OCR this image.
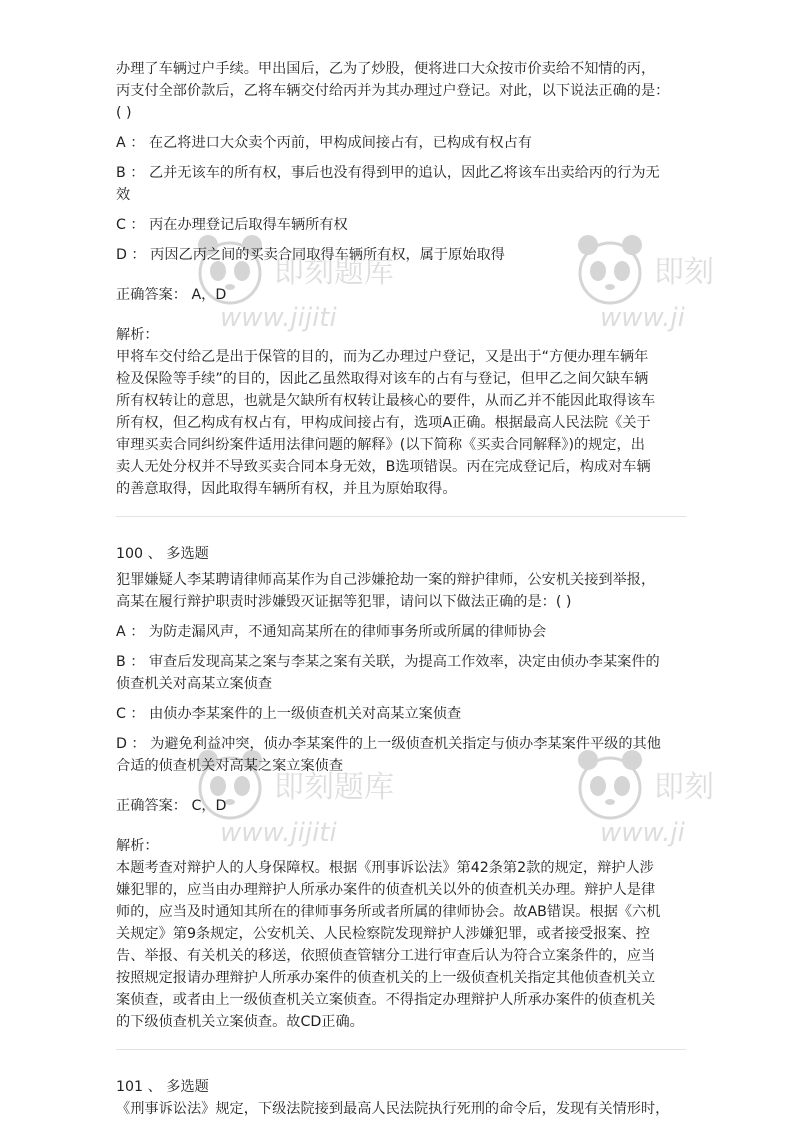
办理了车辆过户手续。甲出国后，乙为了炒股，便将进口大众按市价卖给不知情的丙，
丙支付全部价款后，乙将车辆交付给丙并为其办理过户登记。对此，以下说法正确的是：
( )
A ： 在乙将进口大众卖个丙前，甲构成间接占有，已构成有权占有
B ： 乙并无该车的所有权，事后也没有得到甲的追认，因此乙将该车出卖给丙的行为无
效
C ： 丙在办理登记后取得车辆所有权
D ： 丙因乙丙之间的买卖合同取得车辆所有权，属于原始取得
正确答案： A，D
解析：
甲将车交付给乙是出于保管的目的，而为乙办理过户登记，又是出于“方便办理车辆年
检及保险等手续”的目的，因此乙虽然取得对该车的占有与登记，但甲乙之间欠缺车辆
所有权转让的意思，也就是欠缺所有权转让最核心的要件，从而乙并不能因此取得该车
所有权，但乙构成有权占有，甲构成间接占有，选项A正确。根据最高人民法院《关于
审理买卖合同纠纷案件适用法律问题的解释》(以下简称《买卖合同解释》)的规定，出
卖人无处分权并不导致买卖合同本身无效，B选项错误。丙在完成登记后，构成对车辆
的善意取得，因此取得车辆所有权，并且为原始取得。
100 、 多选题
犯罪嫌疑人李某聘请律师高某作为自己涉嫌抢劫一案的辩护律师，公安机关接到举报，
高某在履行辩护职责时涉嫌毁灭证据等犯罪，请问以下做法正确的是：( )
A ： 为防走漏风声，不通知高某所在的律师事务所或所属的律师协会
B ： 审查后发现高某之案与李某之案有关联，为提高工作效率，决定由侦办李某案件的
侦查机关对高某立案侦查
C ： 由侦办李某案件的上一级侦查机关对高某立案侦查
D ： 为避免利益冲突，侦办李某案件的上一级侦查机关指定与侦办李某案件平级的其他
合适的侦查机关对高某之案立案侦查
正确答案： C，D
解析：
本题考查对辩护人的人身保障权。根据《刑事诉讼法》第42条第2款的规定，辩护人涉
嫌犯罪的，应当由办理辩护人所承办案件的侦查机关以外的侦查机关办理。辩护人是律
师的，应当及时通知其所在的律师事务所或者所属的律师协会。故AB错误。根据《六机
关规定》第9条规定，公安机关、人民检察院发现辩护人涉嫌犯罪，或者接受报案、控
告、举报、有关机关的移送，依照侦查管辖分工进行审查后认为符合立案条件的，应当
按照规定报请办理辩护人所承办案件的侦查机关的上一级侦查机关指定其他侦查机关立
案侦查，或者由上一级侦查机关立案侦查。不得指定办理辩护人所承办案件的侦查机关
的下级侦查机关立案侦查。故CD正确。
101 、 多选题
《刑事诉讼法》规定，下级法院接到最高人民法院执行死刑的命令后，发现有关情形时，
即刻题库
www.jijiti
即刻
www.ji
即刻题库
www.jijiti
即刻
www.ji
